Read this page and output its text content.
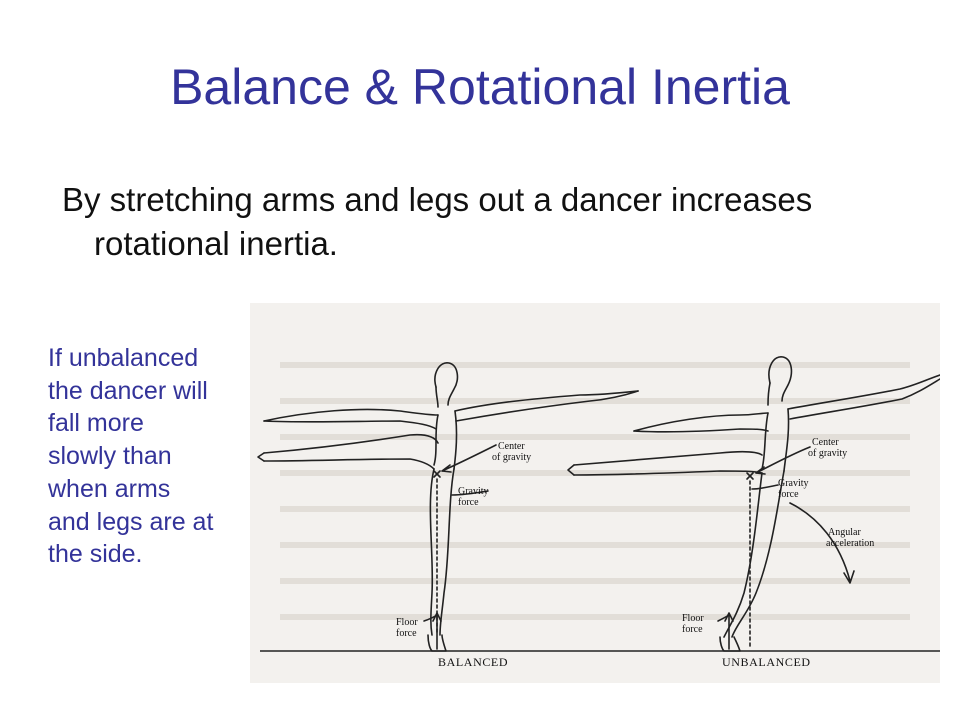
Balance & Rotational Inertia
By stretching arms and legs out a dancer increases rotational inertia.
If unbalanced
the dancer will
fall more
slowly than
when arms
and legs are at
the side.
Center
of gravity
Gravity
force
Floor
force
BALANCED
Center
of gravity
Gravity
force
Angular
acceleration
Floor
force
UNBALANCED
